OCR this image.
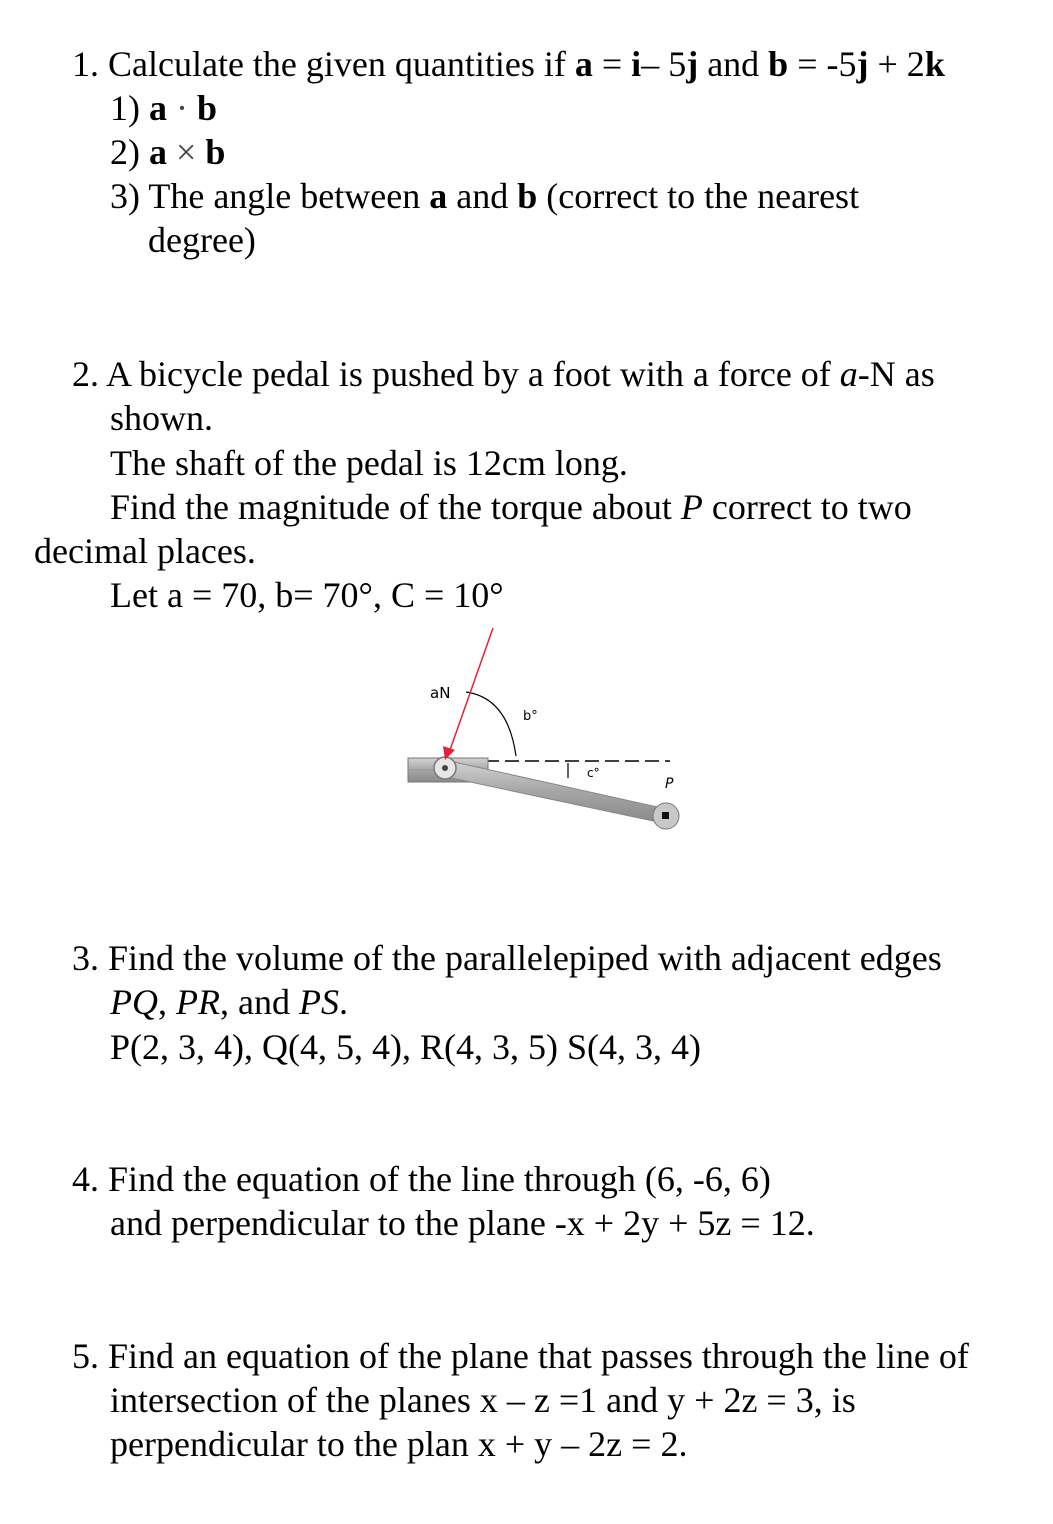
1. Calculate the given quantities if a = i– 5j and b = -5j + 2k
1) a · b
2) a × b
3) The angle between a and b (correct to the nearest
degree)
2. A bicycle pedal is pushed by a foot with a force of a-N as
shown.
The shaft of the pedal is 12cm long.
Find the magnitude of the torque about P correct to two
decimal places.
Let a = 70, b= 70°, C = 10°
aN
b°
c°
P
3. Find the volume of the parallelepiped with adjacent edges
PQ, PR, and PS.
P(2, 3, 4), Q(4, 5, 4), R(4, 3, 5) S(4, 3, 4)
4. Find the equation of the line through (6, -6, 6)
and perpendicular to the plane -x + 2y + 5z = 12.
5. Find an equation of the plane that passes through the line of
intersection of the planes x – z =1 and y + 2z = 3, is
perpendicular to the plan x + y – 2z = 2.
